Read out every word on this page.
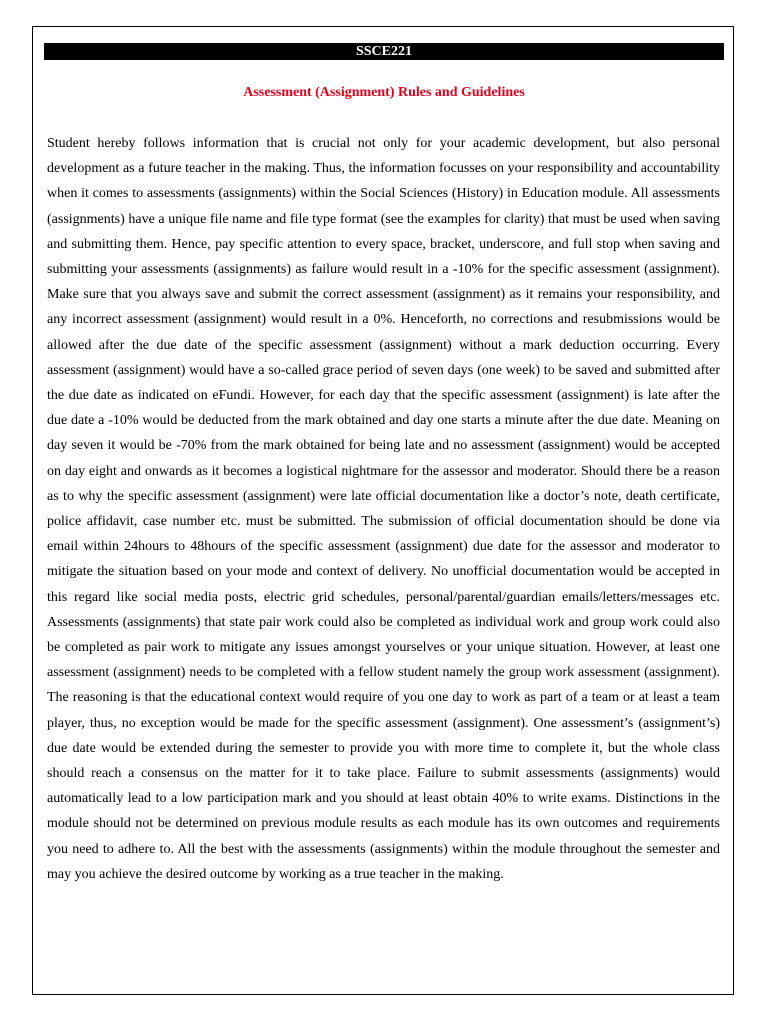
SSCE221
Assessment (Assignment) Rules and Guidelines

Student hereby follows information that is crucial not only for your academic development, but also personal development as a future teacher in the making. Thus, the information focusses on your responsibility and accountability when it comes to assessments (assignments) within the Social Sciences (History) in Education module. All assessments (assignments) have a unique file name and file type format (see the examples for clarity) that must be used when saving and submitting them. Hence, pay specific attention to every space, bracket, underscore, and full stop when saving and submitting your assessments (assignments) as failure would result in a -10% for the specific assessment (assignment). Make sure that you always save and submit the correct assessment (assignment) as it remains your responsibility, and any incorrect assessment (assignment) would result in a 0%. Henceforth, no corrections and resubmissions would be allowed after the due date of the specific assessment (assignment) without a mark deduction occurring. Every assessment (assignment) would have a so-called grace period of seven days (one week) to be saved and submitted after the due date as indicated on eFundi. However, for each day that the specific assessment (assignment) is late after the due date a -10% would be deducted from the mark obtained and day one starts a minute after the due date. Meaning on day seven it would be -70% from the mark obtained for being late and no assessment (assignment) would be accepted on day eight and onwards as it becomes a logistical nightmare for the assessor and moderator. Should there be a reason as to why the specific assessment (assignment) were late official documentation like a doctor’s note, death certificate, police affidavit, case number etc. must be submitted. The submission of official documentation should be done via email within 24hours to 48hours of the specific assessment (assignment) due date for the assessor and moderator to mitigate the situation based on your mode and context of delivery. No unofficial documentation would be accepted in this regard like social media posts, electric grid schedules, personal/parental/guardian emails/letters/messages etc. Assessments (assignments) that state pair work could also be completed as individual work and group work could also be completed as pair work to mitigate any issues amongst yourselves or your unique situation. However, at least one assessment (assignment) needs to be completed with a fellow student namely the group work assessment (assignment). The reasoning is that the educational context would require of you one day to work as part of a team or at least a team player, thus, no exception would be made for the specific assessment (assignment). One assessment’s (assignment’s) due date would be extended during the semester to provide you with more time to complete it, but the whole class should reach a consensus on the matter for it to take place. Failure to submit assessments (assignments) would automatically lead to a low participation mark and you should at least obtain 40% to write exams. Distinctions in the module should not be determined on previous module results as each module has its own outcomes and requirements you need to adhere to. All the best with the assessments (assignments) within the module throughout the semester and may you achieve the desired outcome by working as a true teacher in the making.
